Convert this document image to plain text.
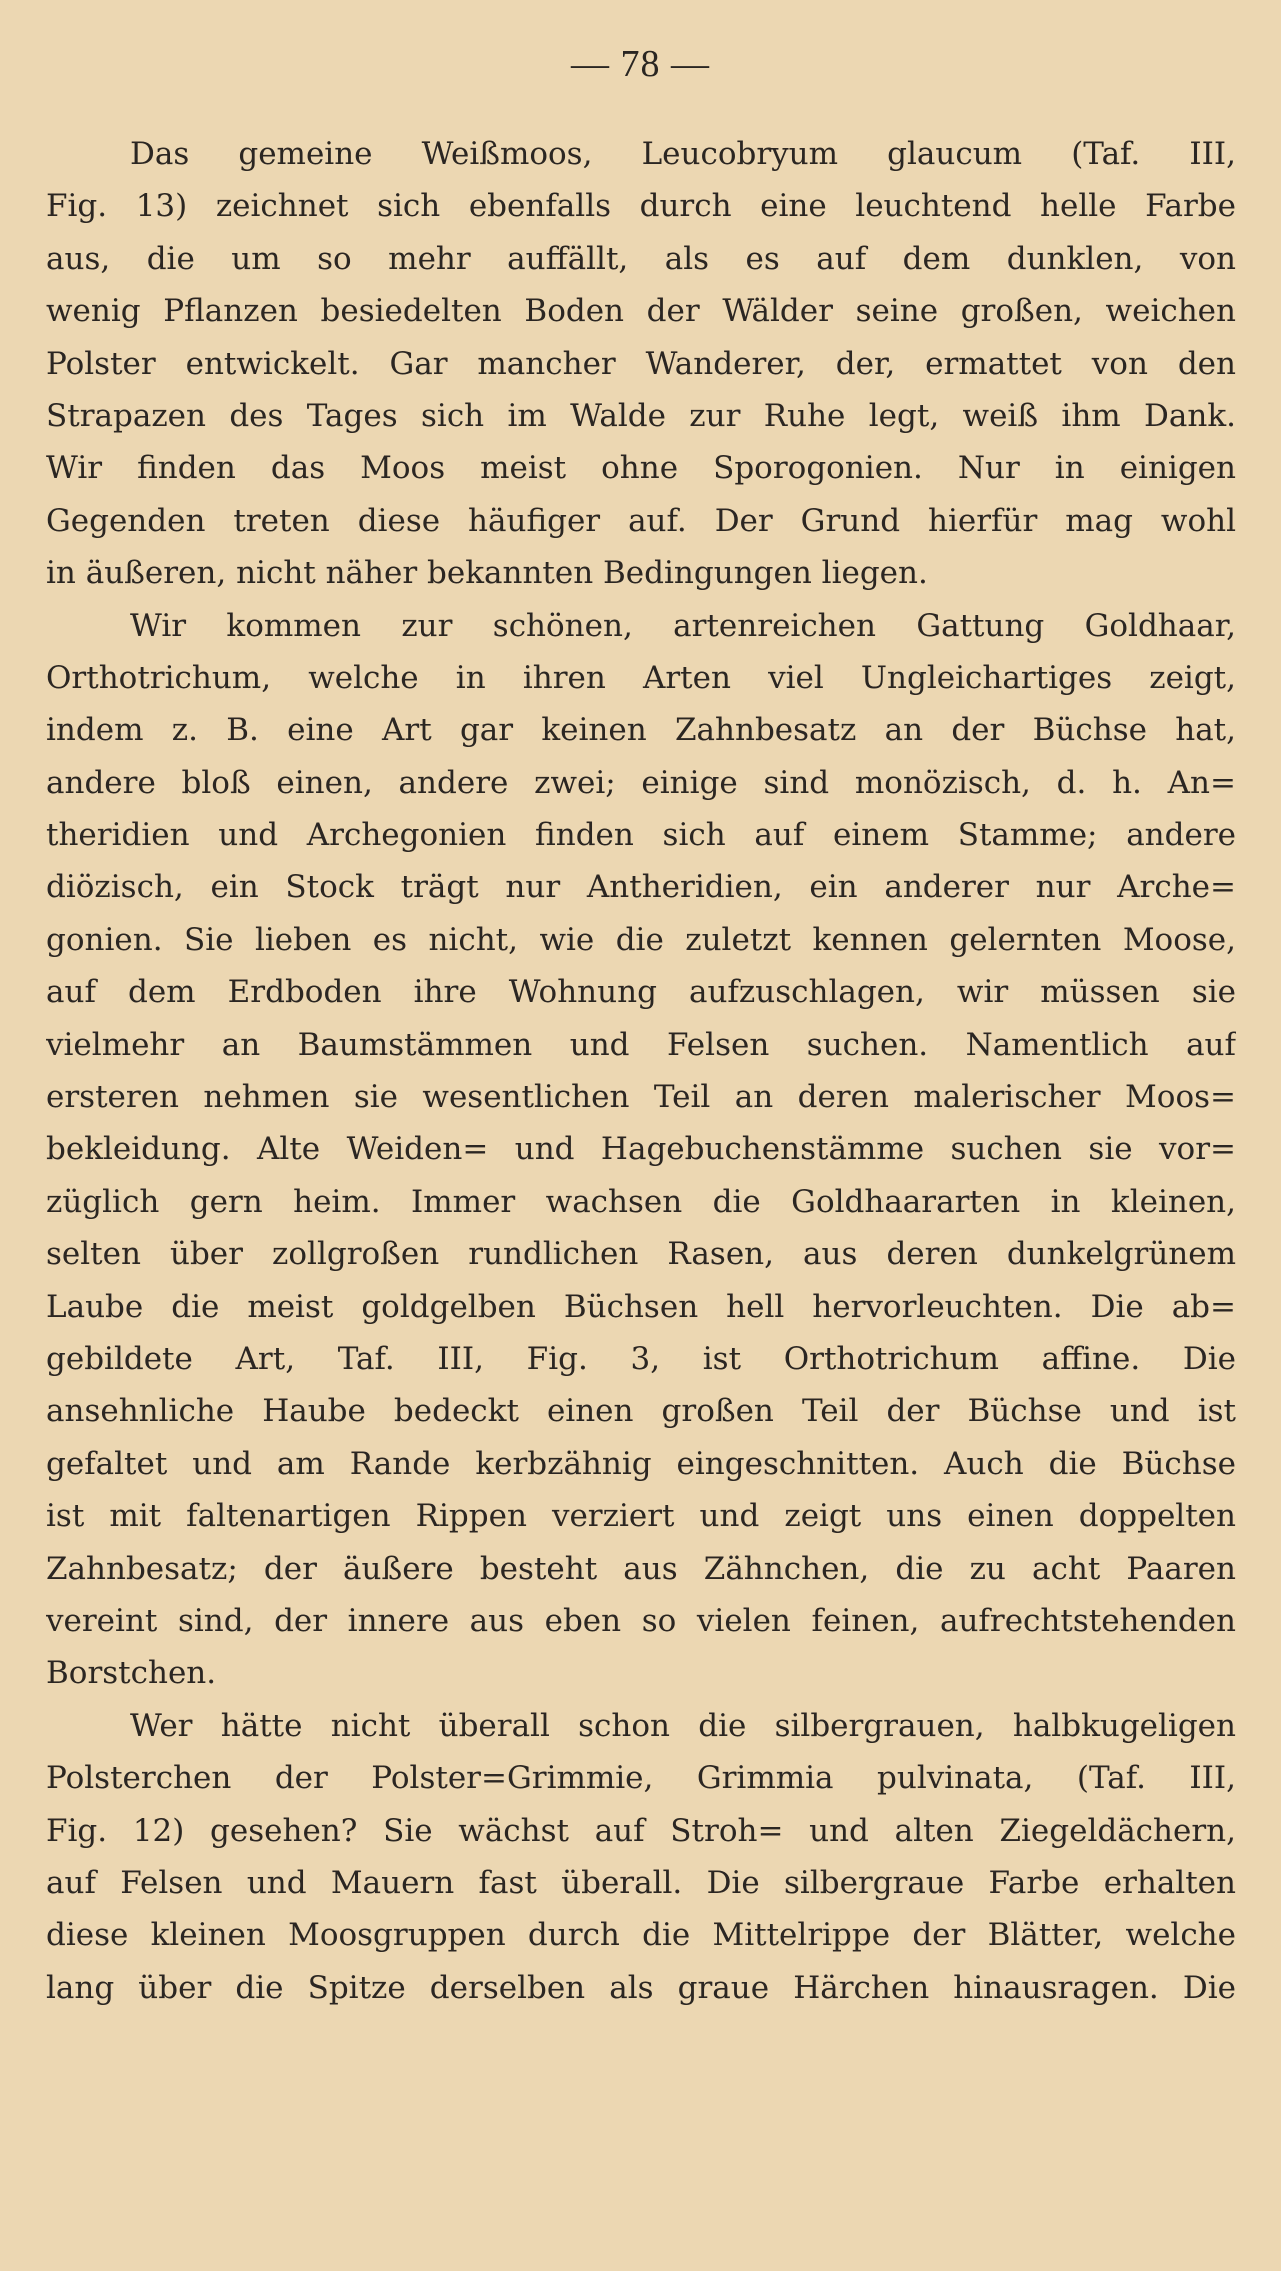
— 78 —
Das gemeine Weißmoos, Leucobryum glaucum (Taf. III,
Fig. 13) zeichnet sich ebenfalls durch eine leuchtend helle Farbe
aus, die um so mehr auffällt, als es auf dem dunklen, von
wenig Pflanzen besiedelten Boden der Wälder seine großen, weichen
Polster entwickelt. Gar mancher Wanderer, der, ermattet von den
Strapazen des Tages sich im Walde zur Ruhe legt, weiß ihm Dank.
Wir finden das Moos meist ohne Sporogonien. Nur in einigen
Gegenden treten diese häufiger auf. Der Grund hierfür mag wohl
in äußeren, nicht näher bekannten Bedingungen liegen.
Wir kommen zur schönen, artenreichen Gattung Goldhaar,
Orthotrichum, welche in ihren Arten viel Ungleichartiges zeigt,
indem z. B. eine Art gar keinen Zahnbesatz an der Büchse hat,
andere bloß einen, andere zwei; einige sind monözisch, d. h. An=
theridien und Archegonien finden sich auf einem Stamme; andere
diözisch, ein Stock trägt nur Antheridien, ein anderer nur Arche=
gonien. Sie lieben es nicht, wie die zuletzt kennen gelernten Moose,
auf dem Erdboden ihre Wohnung aufzuschlagen, wir müssen sie
vielmehr an Baumstämmen und Felsen suchen. Namentlich auf
ersteren nehmen sie wesentlichen Teil an deren malerischer Moos=
bekleidung. Alte Weiden= und Hagebuchenstämme suchen sie vor=
züglich gern heim. Immer wachsen die Goldhaararten in kleinen,
selten über zollgroßen rundlichen Rasen, aus deren dunkelgrünem
Laube die meist goldgelben Büchsen hell hervorleuchten. Die ab=
gebildete Art, Taf. III, Fig. 3, ist Orthotrichum affine. Die
ansehnliche Haube bedeckt einen großen Teil der Büchse und ist
gefaltet und am Rande kerbzähnig eingeschnitten. Auch die Büchse
ist mit faltenartigen Rippen verziert und zeigt uns einen doppelten
Zahnbesatz; der äußere besteht aus Zähnchen, die zu acht Paaren
vereint sind, der innere aus eben so vielen feinen, aufrechtstehenden
Borstchen.
Wer hätte nicht überall schon die silbergrauen, halbkugeligen
Polsterchen der Polster=Grimmie, Grimmia pulvinata, (Taf. III,
Fig. 12) gesehen? Sie wächst auf Stroh= und alten Ziegeldächern,
auf Felsen und Mauern fast überall. Die silbergraue Farbe erhalten
diese kleinen Moosgruppen durch die Mittelrippe der Blätter, welche
lang über die Spitze derselben als graue Härchen hinausragen. Die
